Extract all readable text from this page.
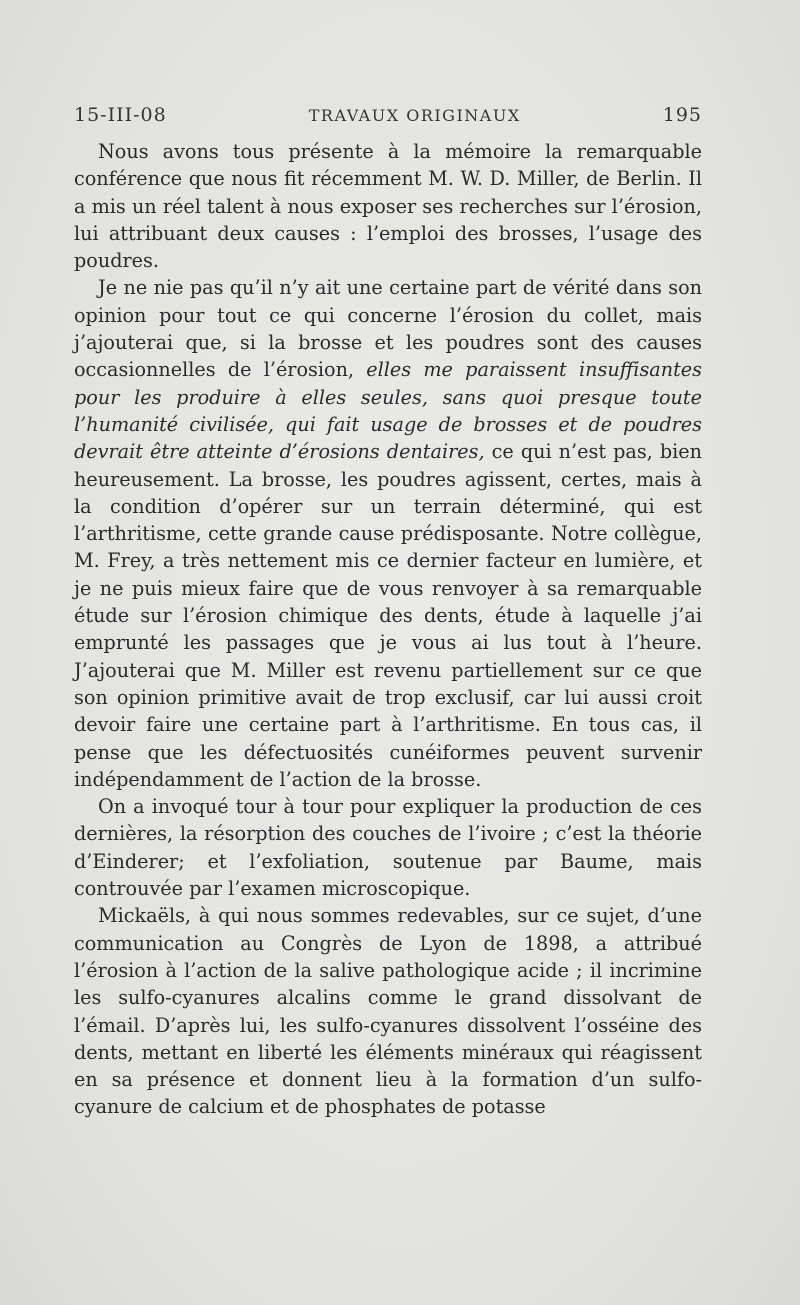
15-III-08	TRAVAUX ORIGINAUX	195

Nous avons tous présente à la mémoire la remarquable conférence que nous fit récemment M. W. D. Miller, de Berlin. Il a mis un réel talent à nous exposer ses recherches sur l’érosion, lui attribuant deux causes : l’emploi des brosses, l’usage des poudres.

Je ne nie pas qu’il n’y ait une certaine part de vérité dans son opinion pour tout ce qui concerne l’érosion du collet, mais j’ajouterai que, si la brosse et les poudres sont des causes occasionnelles de l’érosion, elles me paraissent insuffisantes pour les produire à elles seules, sans quoi presque toute l’humanité civilisée, qui fait usage de brosses et de poudres devrait être atteinte d’érosions dentaires, ce qui n’est pas, bien heureusement. La brosse, les poudres agissent, certes, mais à la condition d’opérer sur un terrain déterminé, qui est l’arthritisme, cette grande cause prédisposante. Notre collègue, M. Frey, a très nettement mis ce dernier facteur en lumière, et je ne puis mieux faire que de vous renvoyer à sa remarquable étude sur l’érosion chimique des dents, étude à laquelle j’ai emprunté les passages que je vous ai lus tout à l’heure. J’ajouterai que M. Miller est revenu partiellement sur ce que son opinion primitive avait de trop exclusif, car lui aussi croit devoir faire une certaine part à l’arthritisme. En tous cas, il pense que les défectuosités cunéiformes peuvent survenir indépendamment de l’action de la brosse.

On a invoqué tour à tour pour expliquer la production de ces dernières, la résorption des couches de l’ivoire ; c’est la théorie d’Einderer; et l’exfoliation, soutenue par Baume, mais controuvée par l’examen microscopique.

Mickaëls, à qui nous sommes redevables, sur ce sujet, d’une communication au Congrès de Lyon de 1898, a attribué l’érosion à l’action de la salive pathologique acide ; il incrimine les sulfo-cyanures alcalins comme le grand dissolvant de l’émail. D’après lui, les sulfo-cyanures dissolvent l’osséine des dents, mettant en liberté les éléments minéraux qui réagissent en sa présence et donnent lieu à la formation d’un sulfo-cyanure de calcium et de phosphates de potasse
